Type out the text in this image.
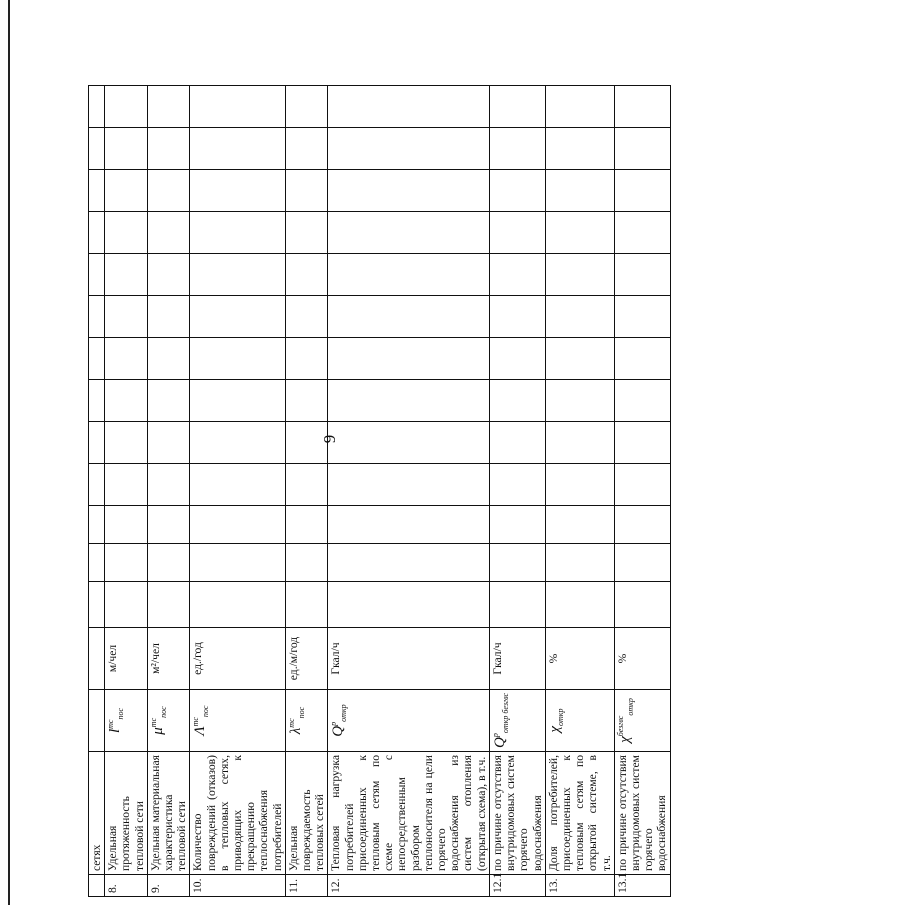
9
	сетях															
8.	Удельная протяженность тепловой сети	$l^{тс}_{пос}$	м/чел													
9.	Удельная материальная характеристика тепловой сети	$\mu^{тс}_{пос}$	м²/чел													
10.	Количество повреждений (отказов) в тепловых сетях, приводящих к прекращению теплоснабжения потребителей	$\Lambda^{тс}_{пос}$	ед./год													
11.	Удельная повреждаемость тепловых сетей	$\lambda^{тс}_{пос}$	ед./м/год													
12.	Тепловая нагрузка потребителей присоединенных к тепловым сетям по схеме с непосредственным разбором теплоносителя на цели горячего водоснабжения из систем отопления (открытая схема), в т.ч.	$Q^р_{откр}$	Гкал/ч													
12.1	по причине отсутствия внутридомовых систем горячего водоснабжения	$Q^р_{откр безгвс}$	Гкал/ч													
13.	Доля потребителей, присоединенных к тепловым сетям по открытой системе, в т.ч.	$\chi_{откр}$	%													
13.1	по причине отсутствия внутридомовых систем горячего водоснабжения	$\chi^{безгвс}_{откр}$	%													
